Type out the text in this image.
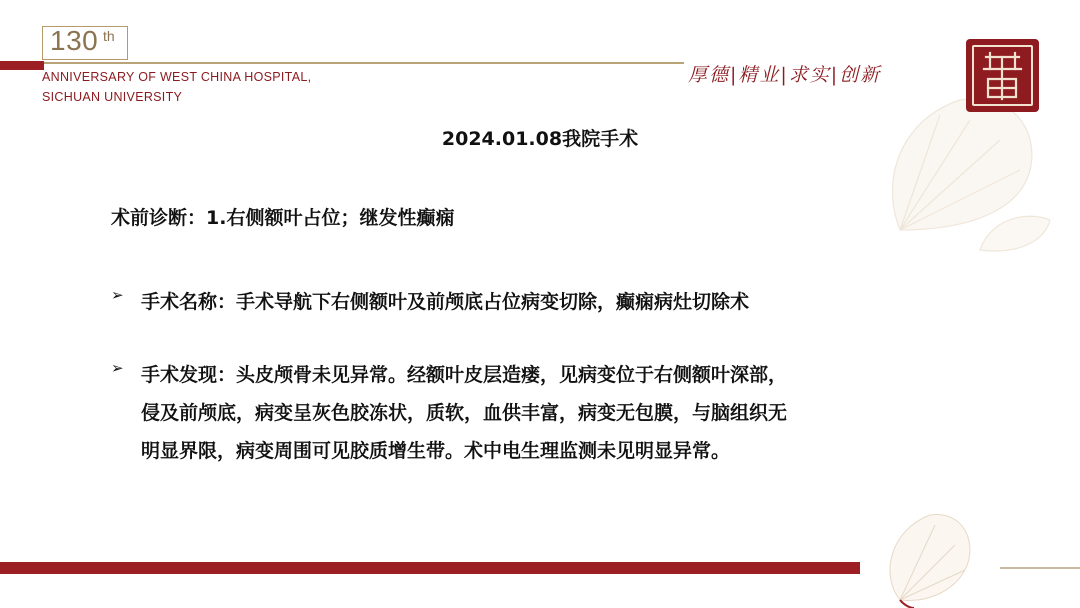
130 th
ANNIVERSARY OF WEST CHINA HOSPITAL,
SICHUAN UNIVERSITY
厚德|精业|求实|创新
2024.01.08我院手术
术前诊断：1.右侧额叶占位；继发性癫痫
➢ 手术名称：手术导航下右侧额叶及前颅底占位病变切除，癫痫病灶切除术
➢ 手术发现：头皮颅骨未见异常。经额叶皮层造瘘，见病变位于右侧额叶深部，
侵及前颅底，病变呈灰色胶冻状，质软，血供丰富，病变无包膜，与脑组织无
明显界限，病变周围可见胶质增生带。术中电生理监测未见明显异常。
